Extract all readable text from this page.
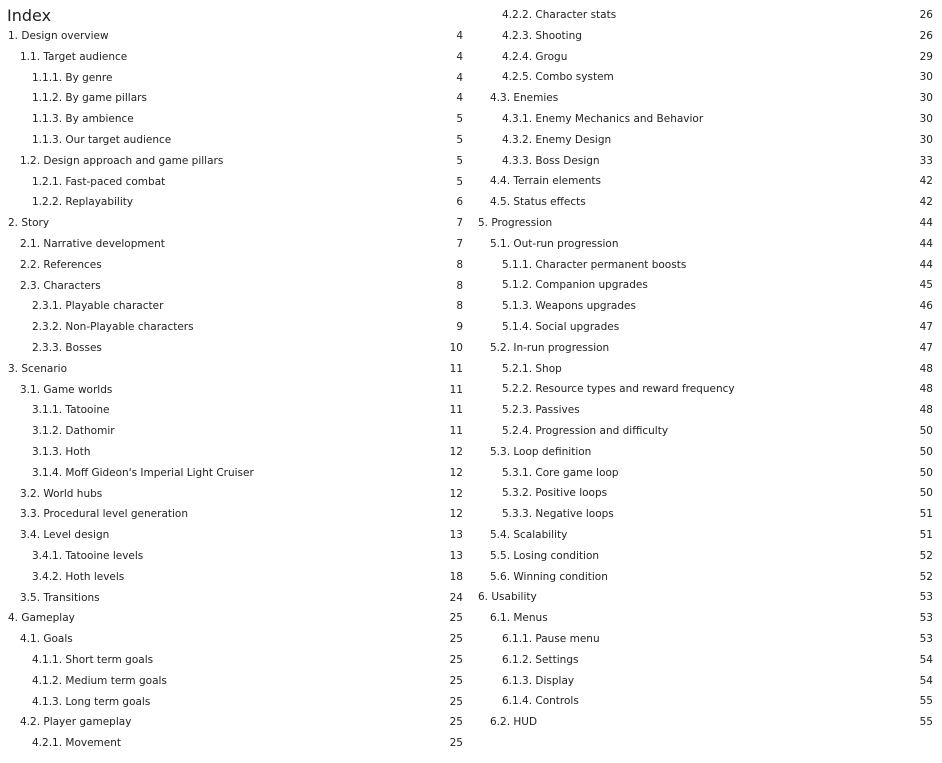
Index
1. Design overview	4
1.1. Target audience	4
1.1.1. By genre	4
1.1.2. By game pillars	4
1.1.3. By ambience	5
1.1.3. Our target audience	5
1.2. Design approach and game pillars	5
1.2.1. Fast-paced combat	5
1.2.2. Replayability	6
2. Story	7
2.1. Narrative development	7
2.2. References	8
2.3. Characters	8
2.3.1. Playable character	8
2.3.2. Non-Playable characters	9
2.3.3. Bosses	10
3. Scenario	11
3.1. Game worlds	11
3.1.1. Tatooine	11
3.1.2. Dathomir	11
3.1.3. Hoth	12
3.1.4. Moff Gideon's Imperial Light Cruiser	12
3.2. World hubs	12
3.3. Procedural level generation	12
3.4. Level design	13
3.4.1. Tatooine levels	13
3.4.2. Hoth levels	18
3.5. Transitions	24
4. Gameplay	25
4.1. Goals	25
4.1.1. Short term goals	25
4.1.2. Medium term goals	25
4.1.3. Long term goals	25
4.2. Player gameplay	25
4.2.1. Movement	25
4.2.2. Character stats	26
4.2.3. Shooting	26
4.2.4. Grogu	29
4.2.5. Combo system	30
4.3. Enemies	30
4.3.1. Enemy Mechanics and Behavior	30
4.3.2. Enemy Design	30
4.3.3. Boss Design	33
4.4. Terrain elements	42
4.5. Status effects	42
5. Progression	44
5.1. Out-run progression	44
5.1.1. Character permanent boosts	44
5.1.2. Companion upgrades	45
5.1.3. Weapons upgrades	46
5.1.4. Social upgrades	47
5.2. In-run progression	47
5.2.1. Shop	48
5.2.2. Resource types and reward frequency	48
5.2.3. Passives	48
5.2.4. Progression and difficulty	50
5.3. Loop definition	50
5.3.1. Core game loop	50
5.3.2. Positive loops	50
5.3.3. Negative loops	51
5.4. Scalability	51
5.5. Losing condition	52
5.6. Winning condition	52
6. Usability	53
6.1. Menus	53
6.1.1. Pause menu	53
6.1.2. Settings	54
6.1.3. Display	54
6.1.4. Controls	55
6.2. HUD	55
